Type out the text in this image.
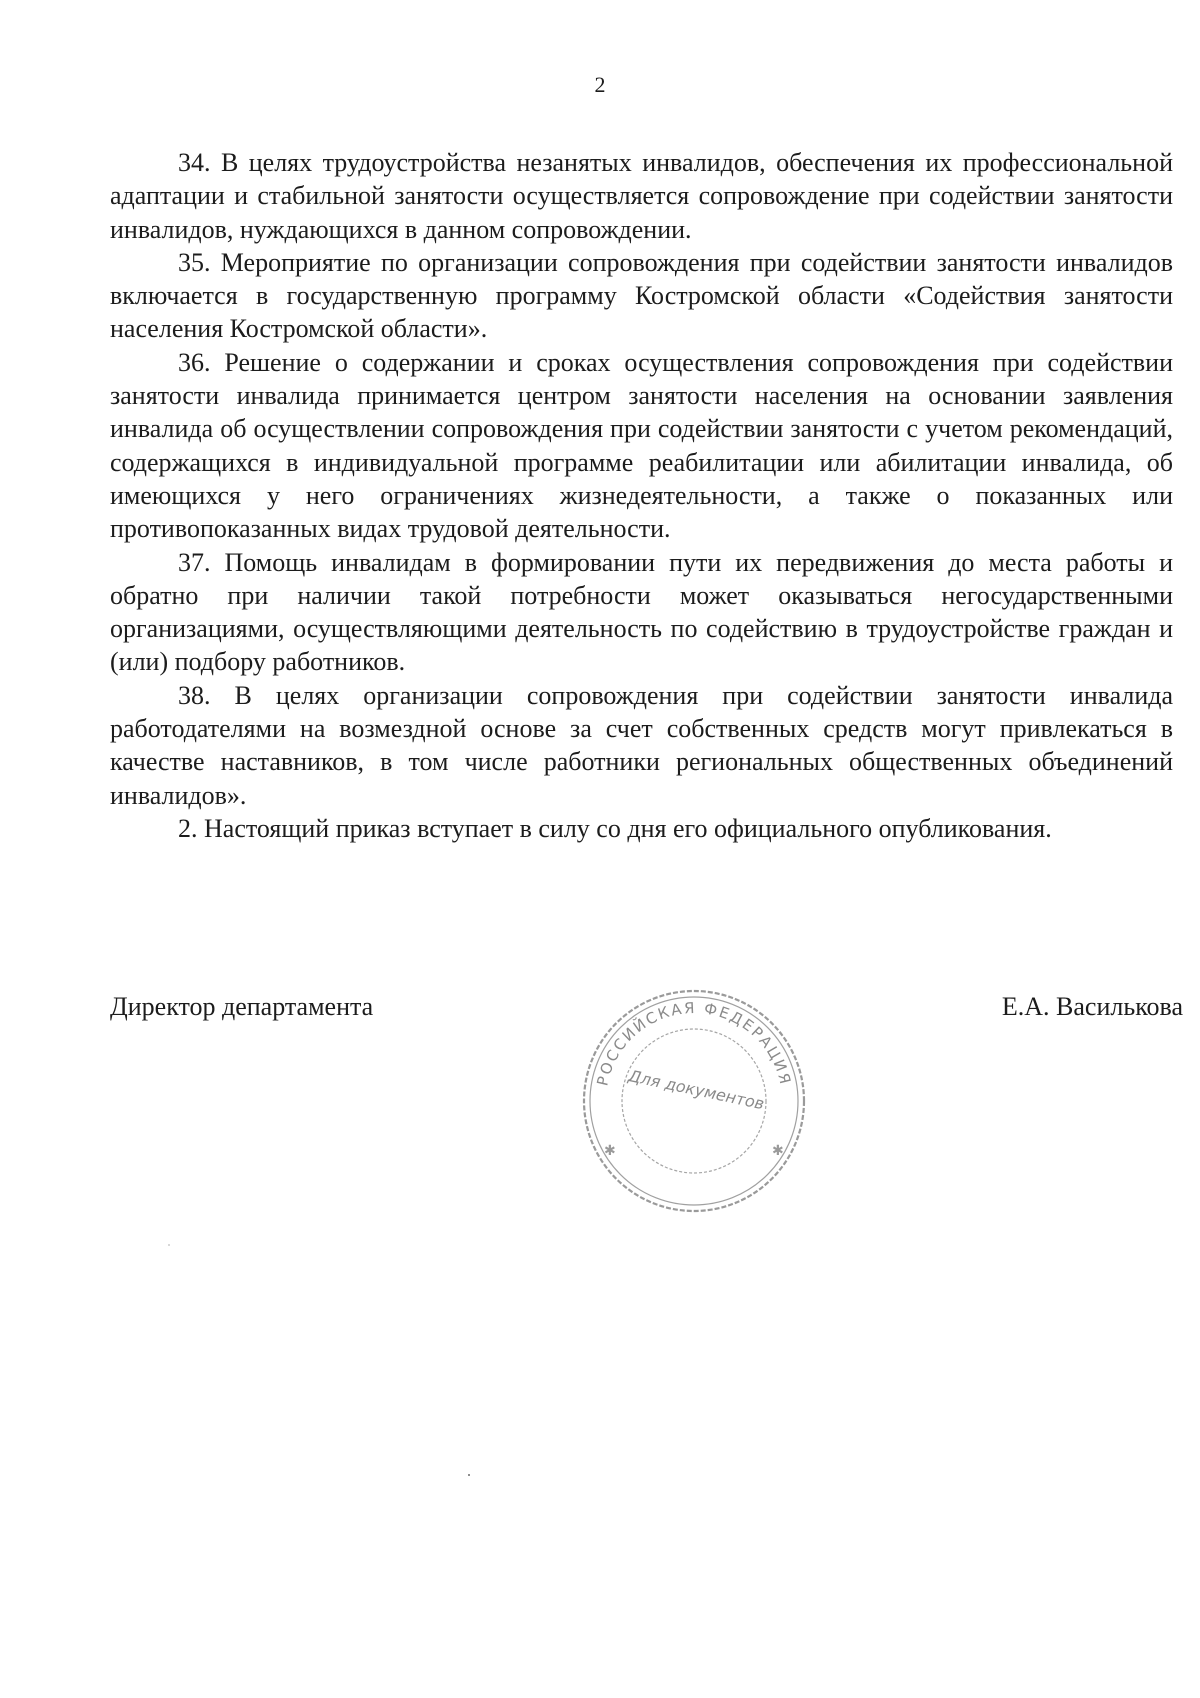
2

34. В целях трудоустройства незанятых инвалидов, обеспечения их профессиональной адаптации и стабильной занятости осуществляется сопровождение при содействии занятости инвалидов, нуждающихся в данном сопровождении.

35. Мероприятие по организации сопровождения при содействии занятости инвалидов включается в государственную программу Костромской области «Содействия занятости населения Костромской области».

36. Решение о содержании и сроках осуществления сопровождения при содействии занятости инвалида принимается центром занятости населения на основании заявления инвалида об осуществлении сопровождения при содействии занятости с учетом рекомендаций, содержащихся в индивидуальной программе реабилитации или абилитации инвалида, об имеющихся у него ограничениях жизнедеятельности, а также о показанных или противопоказанных видах трудовой деятельности.

37. Помощь инвалидам в формировании пути их передвижения до места работы и обратно при наличии такой потребности может оказываться негосударственными организациями, осуществляющими деятельность по содействию в трудоустройстве граждан и (или) подбору работников.

38. В целях организации сопровождения при содействии занятости инвалида работодателями на возмездной основе за счет собственных средств могут привлекаться в качестве наставников, в том числе работники региональных общественных объединений инвалидов».

2. Настоящий приказ вступает в силу со дня его официального опубликования.

Директор департамента	Е.А. Василькова
РОССИЙСКАЯ ФЕДЕРАЦИЯ
✱	✱
Для документов
